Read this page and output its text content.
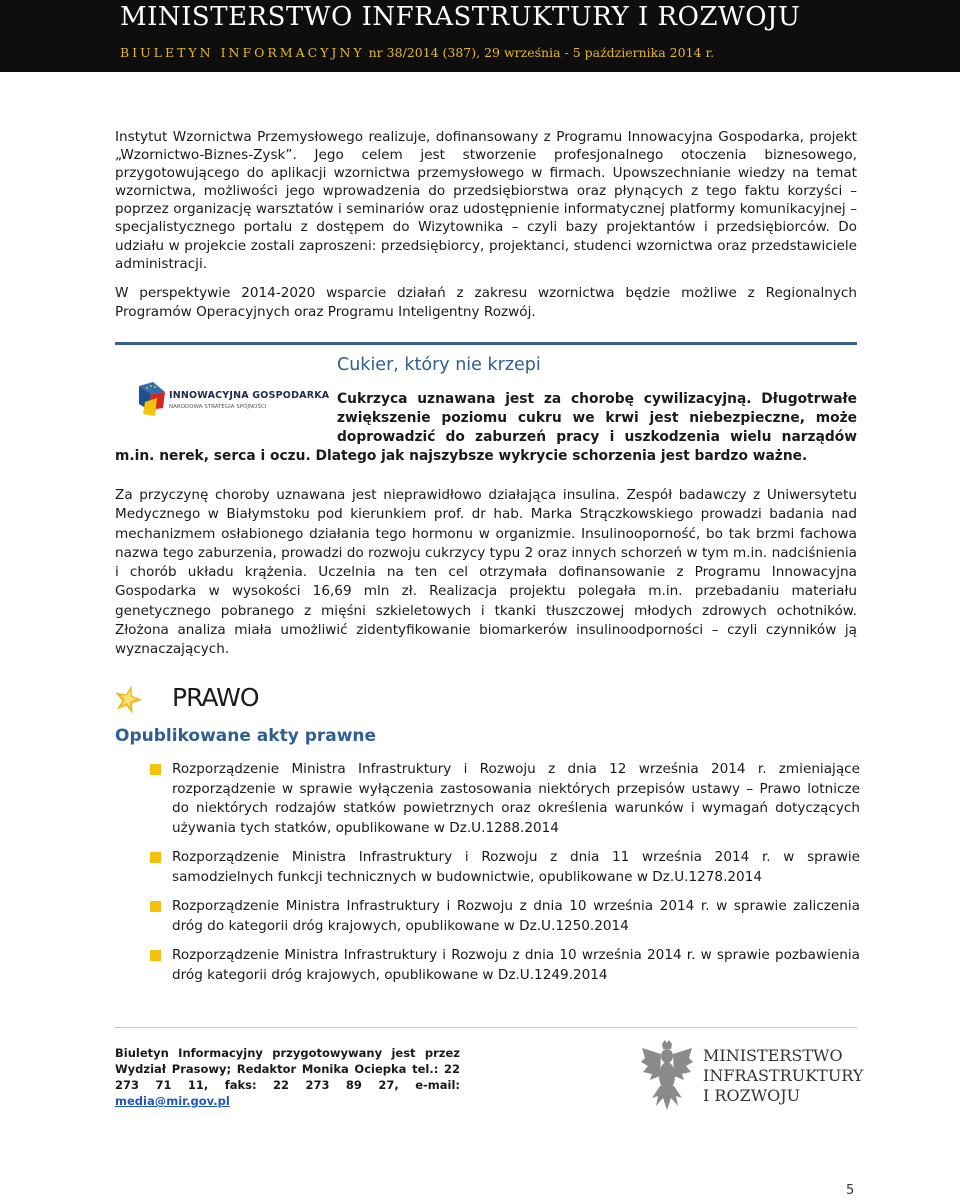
MINISTERSTWO INFRASTRUKTURY I ROZWOJU
BIULETYN INFORMACYJNY nr 38/2014 (387), 29 września - 5 października 2014 r.

Instytut Wzornictwa Przemysłowego realizuje, dofinansowany z Programu Innowacyjna Gospodarka, projekt „Wzornictwo-Biznes-Zysk”. Jego celem jest stworzenie profesjonalnego otoczenia biznesowego, przygotowującego do aplikacji wzornictwa przemysłowego w firmach. Upowszechnianie wiedzy na temat wzornictwa, możliwości jego wprowadzenia do przedsiębiorstwa oraz płynących z tego faktu korzyści – poprzez organizację warsztatów i seminariów oraz udostępnienie informatycznej platformy komunikacyjnej – specjalistycznego portalu z dostępem do Wizytownika – czyli bazy projektantów i przedsiębiorców. Do udziału w projekcie zostali zaproszeni: przedsiębiorcy, projektanci, studenci wzornictwa oraz przedstawiciele administracji.

W perspektywie 2014-2020 wsparcie działań z zakresu wzornictwa będzie możliwe z Regionalnych Programów Operacyjnych oraz Programu Inteligentny Rozwój.

Cukier, który nie krzepi
INNOWACYJNA GOSPODARKA
NARODOWA STRATEGIA SPÓJNOŚCI	Cukrzyca uznawana jest za chorobę cywilizacyjną. Długotrwałe zwiększenie poziomu cukru we krwi jest niebezpieczne, może doprowadzić do zaburzeń pracy i uszkodzenia wielu narządów m.in. nerek, serca i oczu. Dlatego jak najszybsze wykrycie schorzenia jest bardzo ważne.

Za przyczynę choroby uznawana jest nieprawidłowo działająca insulina. Zespół badawczy z Uniwersytetu Medycznego w Białymstoku pod kierunkiem prof. dr hab. Marka Strączkowskiego prowadzi badania nad mechanizmem osłabionego działania tego hormonu w organizmie. Insulinooporność, bo tak brzmi fachowa nazwa tego zaburzenia, prowadzi do rozwoju cukrzycy typu 2 oraz innych schorzeń w tym m.in. nadciśnienia i chorób układu krążenia. Uczelnia na ten cel otrzymała dofinansowanie z Programu Innowacyjna Gospodarka w wysokości 16,69 mln zł. Realizacja projektu polegała m.in. przebadaniu materiału genetycznego pobranego z mięśni szkieletowych i tkanki tłuszczowej młodych zdrowych ochotników. Złożona analiza miała umożliwić zidentyfikowanie biomarkerów insulinoodporności – czyli czynników ją wyznaczających.

PRAWO
Opublikowane akty prawne
Rozporządzenie Ministra Infrastruktury i Rozwoju z dnia 12 września 2014 r. zmieniające rozporządzenie w sprawie wyłączenia zastosowania niektórych przepisów ustawy – Prawo lotnicze do niektórych rodzajów statków powietrznych oraz określenia warunków i wymagań dotyczących używania tych statków, opublikowane w Dz.U.1288.2014
Rozporządzenie Ministra Infrastruktury i Rozwoju z dnia 11 września 2014 r. w sprawie samodzielnych funkcji technicznych w budownictwie, opublikowane w Dz.U.1278.2014
Rozporządzenie Ministra Infrastruktury i Rozwoju z dnia 10 września 2014 r. w sprawie zaliczenia dróg do kategorii dróg krajowych, opublikowane w Dz.U.1250.2014
Rozporządzenie Ministra Infrastruktury i Rozwoju z dnia 10 września 2014 r. w sprawie pozbawienia dróg kategorii dróg krajowych, opublikowane w Dz.U.1249.2014

Biuletyn Informacyjny przygotowywany jest przez Wydział Prasowy; Redaktor Monika Ociepka tel.: 22 273 71 11, faks: 22 273 89 27, e-mail: media@mir.gov.pl

MINISTERSTWO
INFRASTRUKTURY
I ROZWOJU
5
